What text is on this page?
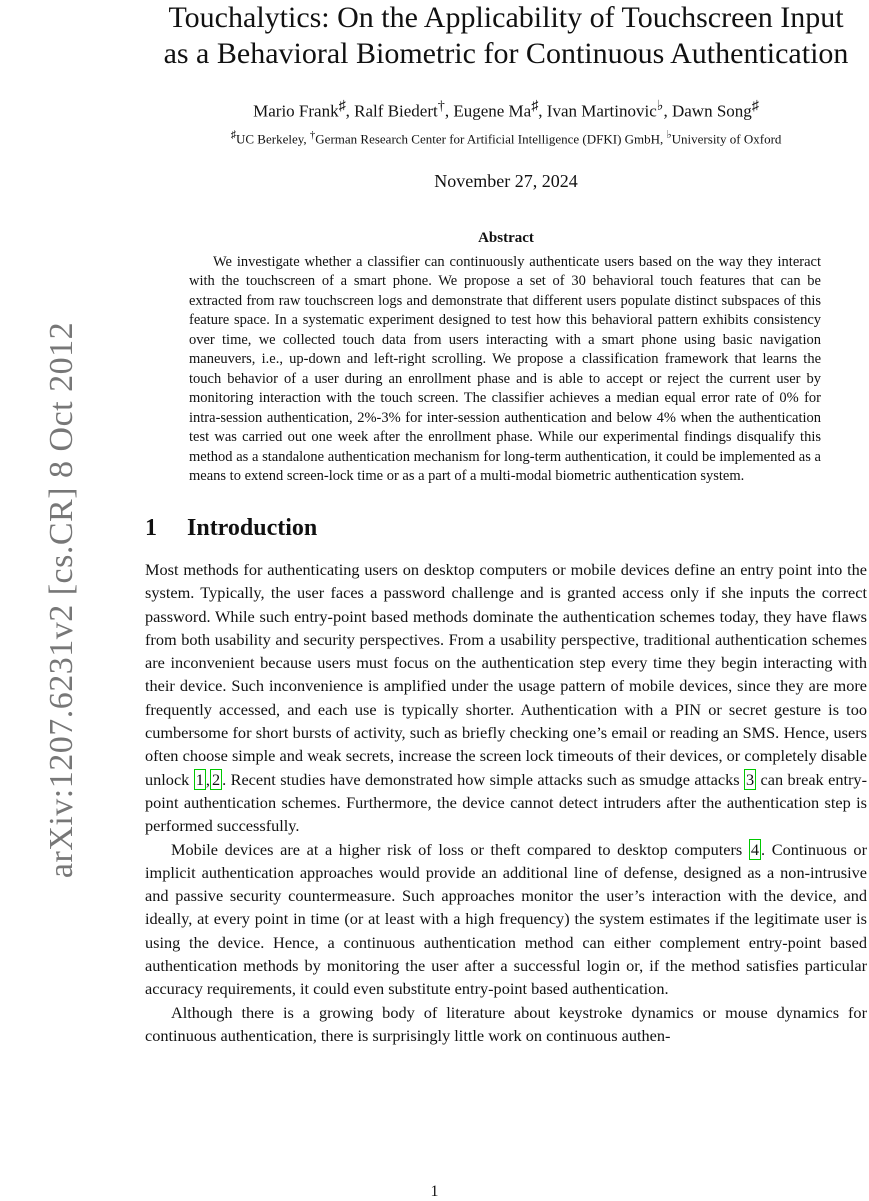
arXiv:1207.6231v2 [cs.CR] 8 Oct 2012
Touchalytics: On the Applicability of Touchscreen Input
as a Behavioral Biometric for Continuous Authentication
Mario Frank♯, Ralf Biedert†, Eugene Ma♯, Ivan Martinovic♭, Dawn Song♯
♯UC Berkeley, †German Research Center for Artificial Intelligence (DFKI) GmbH, ♭University of Oxford
November 27, 2024
Abstract

We investigate whether a classifier can continuously authenticate users based on the way they interact with the touchscreen of a smart phone. We propose a set of 30 behavioral touch features that can be extracted from raw touchscreen logs and demonstrate that different users populate distinct subspaces of this feature space. In a systematic experiment designed to test how this behavioral pattern exhibits consistency over time, we collected touch data from users interacting with a smart phone using basic navigation maneuvers, i.e., up-down and left-right scrolling. We propose a classification framework that learns the touch behavior of a user during an enrollment phase and is able to accept or reject the current user by monitoring interaction with the touch screen. The classifier achieves a median equal error rate of 0% for intra-session authentication, 2%-3% for inter-session authentication and below 4% when the authentication test was carried out one week after the enrollment phase. While our experimental findings disqualify this method as a standalone authentication mechanism for long-term authentication, it could be implemented as a means to extend screen-lock time or as a part of a multi-modal biometric authentication system.

1 Introduction

Most methods for authenticating users on desktop computers or mobile devices define an entry point into the system. Typically, the user faces a password challenge and is granted access only if she inputs the correct password. While such entry-point based methods dominate the authentication schemes today, they have flaws from both usability and security perspectives. From a usability perspective, traditional authentication schemes are inconvenient because users must focus on the authentication step every time they begin interacting with their device. Such inconvenience is amplified under the usage pattern of mobile devices, since they are more frequently accessed, and each use is typically shorter. Authentication with a PIN or secret gesture is too cumbersome for short bursts of activity, such as briefly checking one’s email or reading an SMS. Hence, users often choose simple and weak secrets, increase the screen lock timeouts of their devices, or completely disable unlock 1 , 2 . Recent studies have demonstrated how simple attacks such as smudge attacks 3 can break entry-point authentication schemes. Furthermore, the device cannot detect intruders after the authentication step is performed successfully.

Mobile devices are at a higher risk of loss or theft compared to desktop computers 4 . Continuous or implicit authentication approaches would provide an additional line of defense, designed as a non-intrusive and passive security countermeasure. Such approaches monitor the user’s interaction with the device, and ideally, at every point in time (or at least with a high frequency) the system estimates if the legitimate user is using the device. Hence, a continuous authentication method can either complement entry-point based authentication methods by monitoring the user after a successful login or, if the method satisfies particular accuracy requirements, it could even substitute entry-point based authentication.

Although there is a growing body of literature about keystroke dynamics or mouse dynamics for continuous authentication, there is surprisingly little work on continuous authen-

1
